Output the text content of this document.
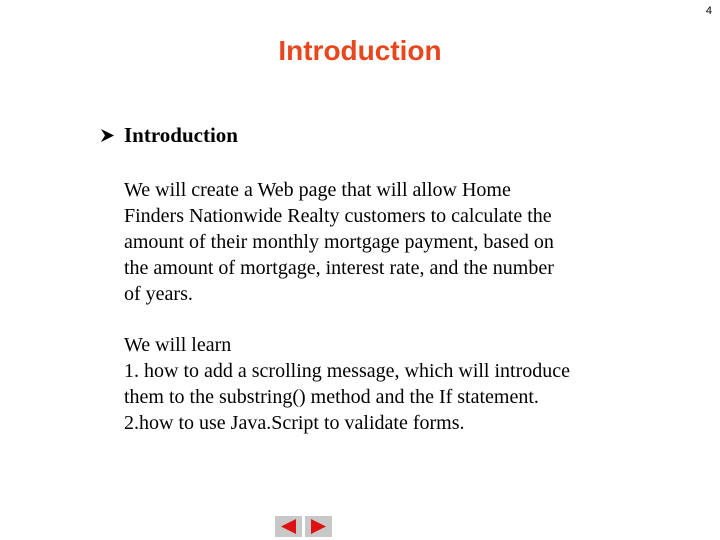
4
Introduction
Introduction
We will create a Web page that will allow Home
Finders Nationwide Realty customers to calculate the
amount of their monthly mortgage payment, based on
the amount of mortgage, interest rate, and the number
of years.
We will learn
1. how to add a scrolling message, which will introduce
them to the substring() method and the If statement.
2.how to use Java.Script to validate forms.
